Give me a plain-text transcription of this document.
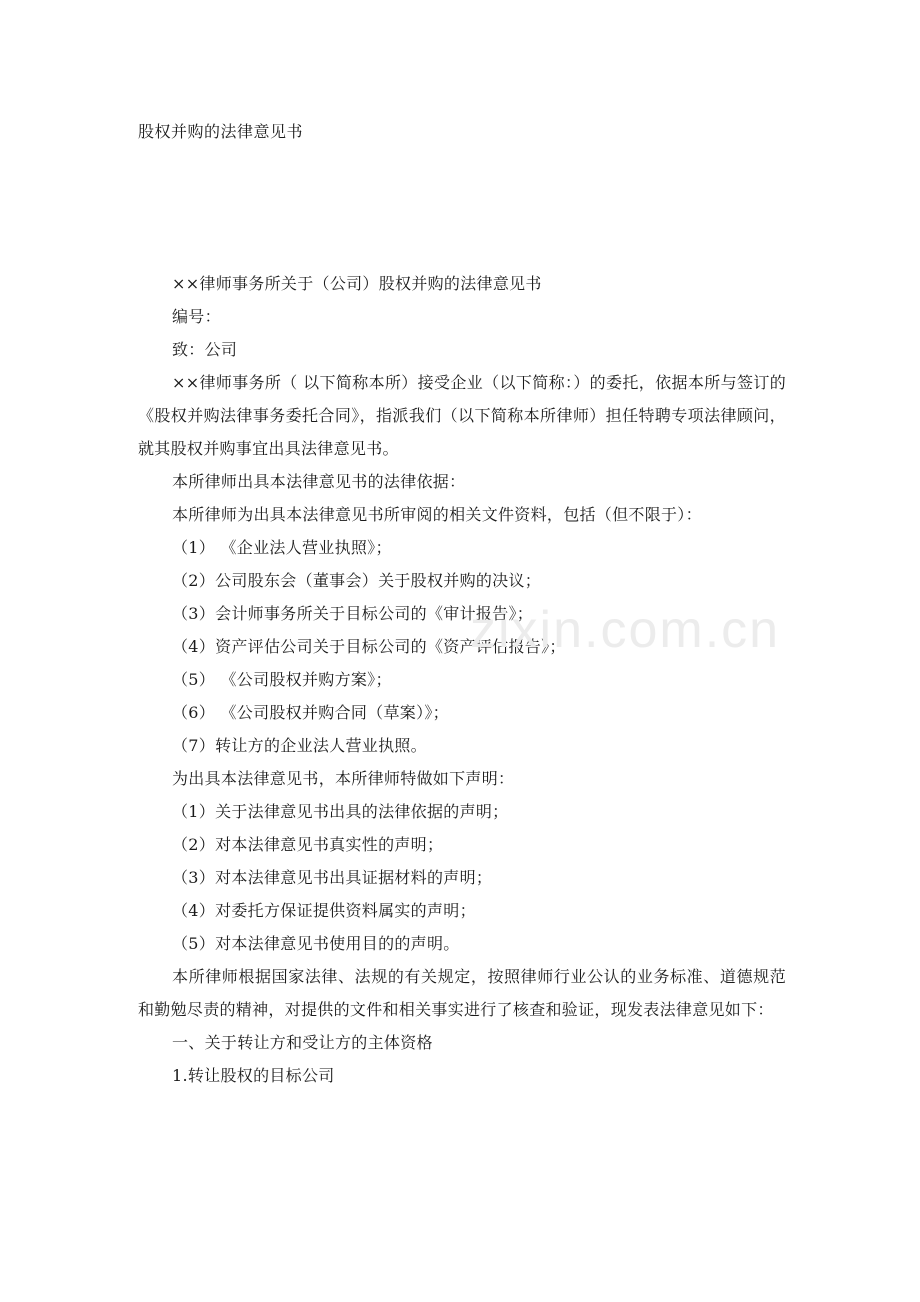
股权并购的法律意见书

××律师事务所关于（公司）股权并购的法律意见书

编号：

致：公司

××律师事务所（ 以下简称本所）接受企业（以下简称：）的委托，依据本所与签订的《股权并购法律事务委托合同》，指派我们（以下简称本所律师）担任特聘专项法律顾问，就其股权并购事宜出具法律意见书。

本所律师出具本法律意见书的法律依据：

本所律师为出具本法律意见书所审阅的相关文件资料，包括（但不限于）：

（1） 《企业法人营业执照》；

（2）公司股东会（董事会）关于股权并购的决议；

（3）会计师事务所关于目标公司的《审计报告》；

（4）资产评估公司关于目标公司的《资产评估报告》；

（5） 《公司股权并购方案》；

（6） 《公司股权并购合同（草案）》；

（7）转让方的企业法人营业执照。

为出具本法律意见书，本所律师特做如下声明：

（1）关于法律意见书出具的法律依据的声明；

（2）对本法律意见书真实性的声明；

（3）对本法律意见书出具证据材料的声明；

（4）对委托方保证提供资料属实的声明；

（5）对本法律意见书使用目的的声明。

本所律师根据国家法律、法规的有关规定，按照律师行业公认的业务标准、道德规范和勤勉尽责的精神，对提供的文件和相关事实进行了核查和验证，现发表法律意见如下：

一、关于转让方和受让方的主体资格

1.转让股权的目标公司

zixin.com.cn
